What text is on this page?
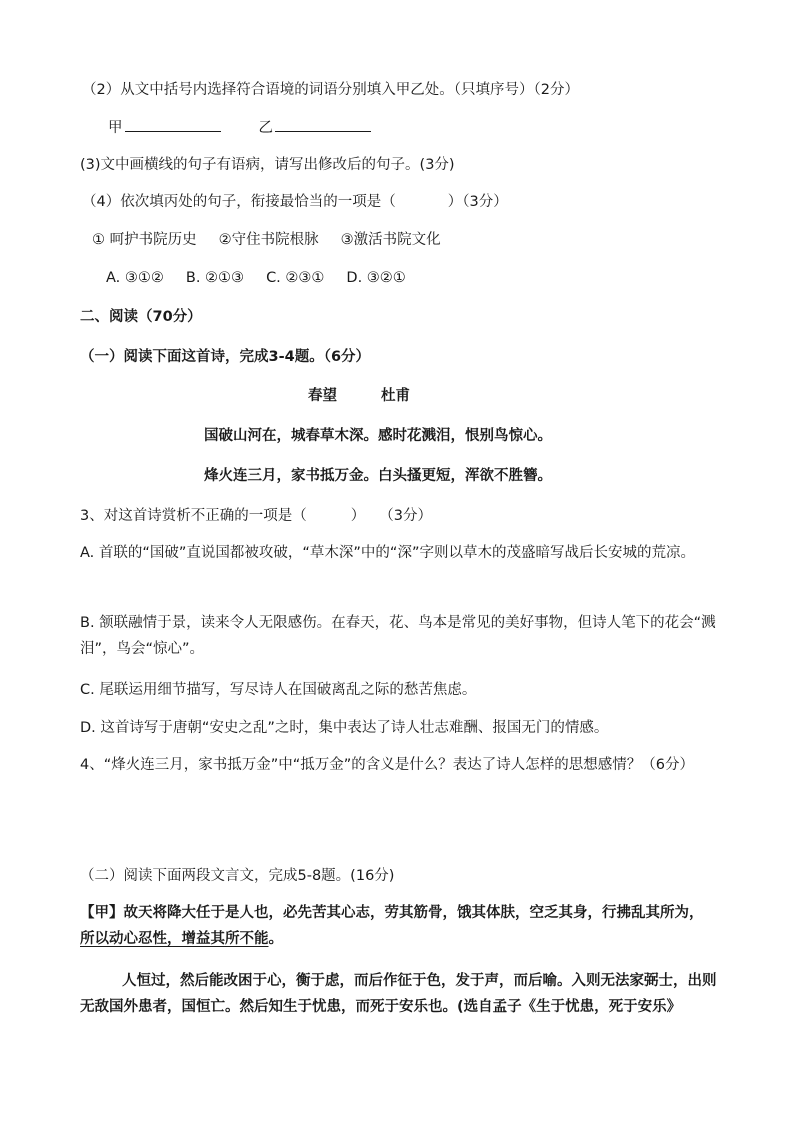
（2）从文中括号内选择符合语境的词语分别填入甲乙处。（只填序号）（2分）
甲	乙
(3)文中画横线的句子有语病，请写出修改后的句子。(3分)
（4）依次填丙处的句子，衔接最恰当的一项是（	）（3分）
① 呵护书院历史 ②守住书院根脉 ③激活书院文化
A. ③①② B. ②①③ C. ②③① D. ③②①
二、阅读（70分）
（一）阅读下面这首诗，完成3-4题。（6分）
春望	杜甫
国破山河在，城春草木深。感时花溅泪，恨别鸟惊心。
烽火连三月，家书抵万金。白头搔更短，浑欲不胜簪。
3、对这首诗赏析不正确的一项是（	） （3分）
A. 首联的“国破”直说国都被攻破，“草木深”中的“深”字则以草木的茂盛暗写战后长安城的荒凉。
B. 颔联融情于景，读来令人无限感伤。在春天，花、鸟本是常见的美好事物，但诗人笔下的花会“溅泪”，鸟会“惊心”。
C. 尾联运用细节描写，写尽诗人在国破离乱之际的愁苦焦虑。
D. 这首诗写于唐朝“安史之乱”之时，集中表达了诗人壮志难酬、报国无门的情感。
4、“烽火连三月，家书抵万金”中“抵万金”的含义是什么？表达了诗人怎样的思想感情？（6分）
（二）阅读下面两段文言文，完成5-8题。(16分)
【甲】故天将降大任于是人也，必先苦其心志，劳其筋骨，饿其体肤，空乏其身，行拂乱其所为，所以动心忍性，增益其所不能。
人恒过，然后能改困于心，衡于虑，而后作征于色，发于声，而后喻。入则无法家弼士，出则无敌国外患者，国恒亡。然后知生于忧患，而死于安乐也。(选自孟子《生于忧患，死于安乐》
